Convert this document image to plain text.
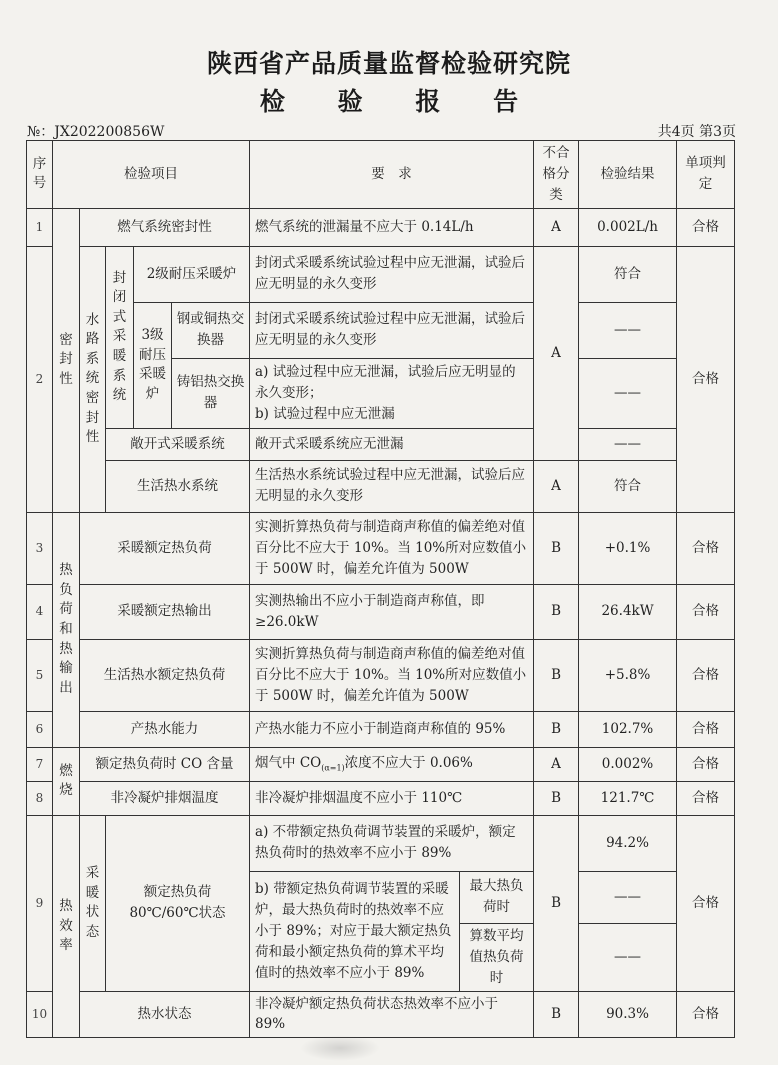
陕西省产品质量监督检验研究院
检 验 报 告
№：JX202200856W	共4页 第3页
序号	检验项目					要　求		不合格分　类	检验结果	单项判定
1	密封性	燃气系统密封性				燃气系统的泄漏量不应大于 0.14L/h		A	0.002L/h	合格
2		水路系统密封性	封闭式采暖系统	2级耐压采暖炉		封闭式采暖系统试验过程中应无泄漏，试验后应无明显的永久变形		A	符合	合格
				3级耐压采暖炉	钢或铜热交换器	封闭式采暖系统试验过程中应无泄漏，试验后应无明显的永久变形			——	
					铸铝热交换器	a) 试验过程中应无泄漏，试验后应无明显的永久变形；
b) 试验过程中应无泄漏			——	
			敞开式采暖系统			敞开式采暖系统应无泄漏			——	
			生活热水系统			生活热水系统试验过程中应无泄漏，试验后应无明显的永久变形		A	符合	

3	热负荷和热输出	采暖额定热负荷				实测折算热负荷与制造商声称值的偏差绝对值百分比不应大于 10%。当 10%所对应数值小于 500W 时，偏差允许值为 500W		B	+0.1%	合格
4		采暖额定热输出				实测热输出不应小于制造商声称值，即≥26.0kW		B	26.4kW	合格
5		生活热水额定热负荷				实测折算热负荷与制造商声称值的偏差绝对值百分比不应大于 10%。当 10%所对应数值小于 500W 时，偏差允许值为 500W		B	+5.8%	合格
6		产热水能力				产热水能力不应小于制造商声称值的 95%		B	102.7%	合格
7	燃烧	额定热负荷时 CO 含量				烟气中 $CO_{(\alpha=1)}$浓度不应大于 0.06%		A	0.002%	合格
8		非冷凝炉排烟温度				非冷凝炉排烟温度不应小于 110℃		B	121.7℃	合格
9	热效率	采暖状态	额定热负荷 80℃/60℃状态			a) 不带额定热负荷调节装置的采暖炉，额定热负荷时的热效率不应小于 89%		B	94.2%	合格
						b) 带额定热负荷调节装置的采暖炉，最大热负荷时的热效率不应小于 89%；对应于最大额定热负荷和最小额定热负荷的算术平均值时的热效率不应小于 89%	最大热负荷时		——	
							算数平均值热负荷时		——	
10		热水状态				非冷凝炉额定热负荷状态热效率不应小于 89%		B	90.3%	合格
